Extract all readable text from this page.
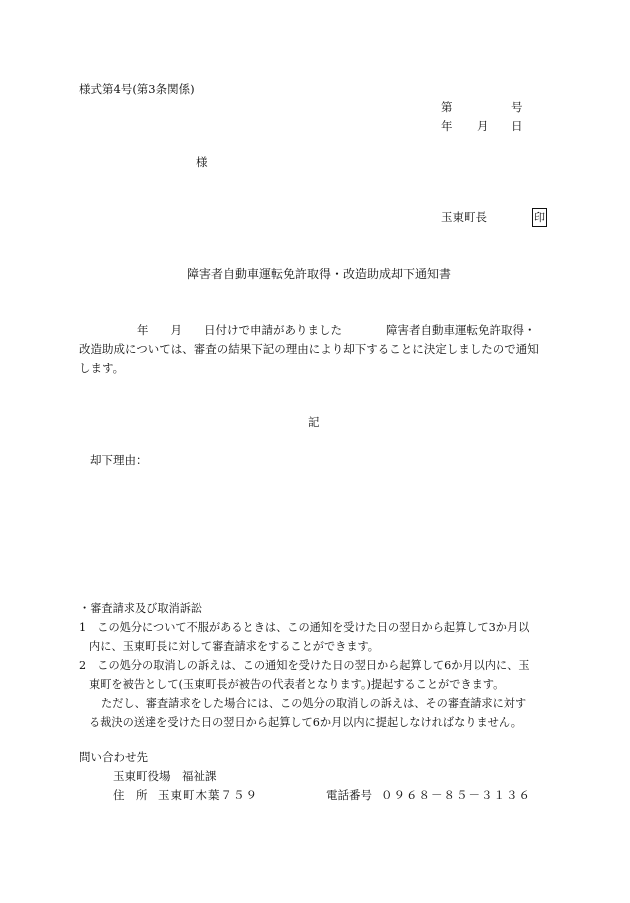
様式第4号(第3条関係)
第	号
年 月 日
様
玉東町長	印
障害者自動車運転免許取得・改造助成却下通知書
年 月 日付けで申請がありました	障害者自動車運転免許取得・
改造助成については、審査の結果下記の理由により却下することに決定しましたので通知
します。
記
却下理由：
・審査請求及び取消訴訟
1　この処分について不服があるときは、この通知を受けた日の翌日から起算して3か月以
内に、玉東町長に対して審査請求をすることができます。
2　この処分の取消しの訴えは、この通知を受けた日の翌日から起算して6か月以内に、玉
東町を被告として(玉東町長が被告の代表者となります。)提起することができます。
ただし、審査請求をした場合には、この処分の取消しの訴えは、その審査請求に対す
る裁決の送達を受けた日の翌日から起算して6か月以内に提起しなければなりません。
問い合わせ先
玉東町役場　福祉課
住　所 玉東町木葉７５９	電話番号 ０９６８－８５－３１３６
